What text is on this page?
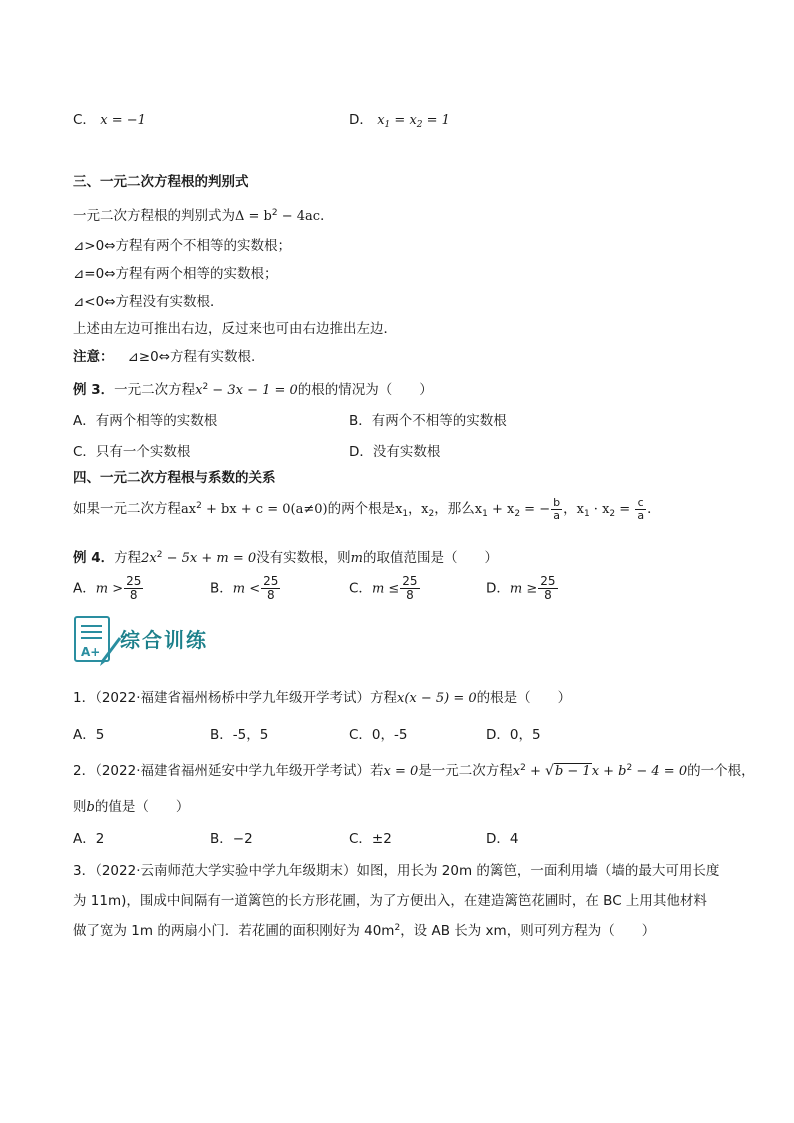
C． x = −1	D． $x_1 = x_2 = 1$
三、一元二次方程根的判别式
一元二次方程根的判别式为$\Delta = b^2 - 4ac$．
⊿>0⇔方程有两个不相等的实数根；
⊿=0⇔方程有两个相等的实数根；
⊿<0⇔方程没有实数根．
上述由左边可推出右边，反过来也可由右边推出左边．
注意： ⊿≥0⇔方程有实数根.
例 3．一元二次方程$x^2 - 3x - 1 = 0$的根的情况为（　　）
A．有两个相等的实数根	B．有两个不相等的实数根
C．只有一个实数根	D．没有实数根
四、一元二次方程根与系数的关系
如果一元二次方程$ax^2$ + bx + c = 0(a≠0)的两个根是$x_1$，$x_2$，那么$x_1 + x_2$ = − $\frac{b}{a}$ ，$x_1 \cdot x_2 = \frac{c}{a}$ ．
例 4．方程$2x^2 - 5x + m = 0$没有实数根，则m的取值范围是（　　）
A．$m > \frac{25}{8}$	B．$m < \frac{25}{8}$	C．$m \le \frac{25}{8}$	D．$m \ge \frac{25}{8}$
A+ 综合训练
1．（2022·福建省福州杨桥中学九年级开学考试）方程x(x − 5) = 0的根是（　　）
A．5	B．-5，5	C．0，-5	D．0，5
2．（2022·福建省福州延安中学九年级开学考试）若x = 0是一元二次方程$x^2 + √b - 1x + b^2 - 4 = 0$的一个根，
则b的值是（　　）
A．2	B．−2	C．±2	D．4
3．（2022·云南师范大学实验中学九年级期末）如图，用长为 20m 的篱笆，一面利用墙（墙的最大可用长度
为 11m)，围成中间隔有一道篱笆的长方形花圃，为了方便出入，在建造篱笆花圃时，在 BC 上用其他材料
做了宽为 1m 的两扇小门．若花圃的面积刚好为 $40m^2$，设 AB 长为 xm，则可列方程为（　　）
